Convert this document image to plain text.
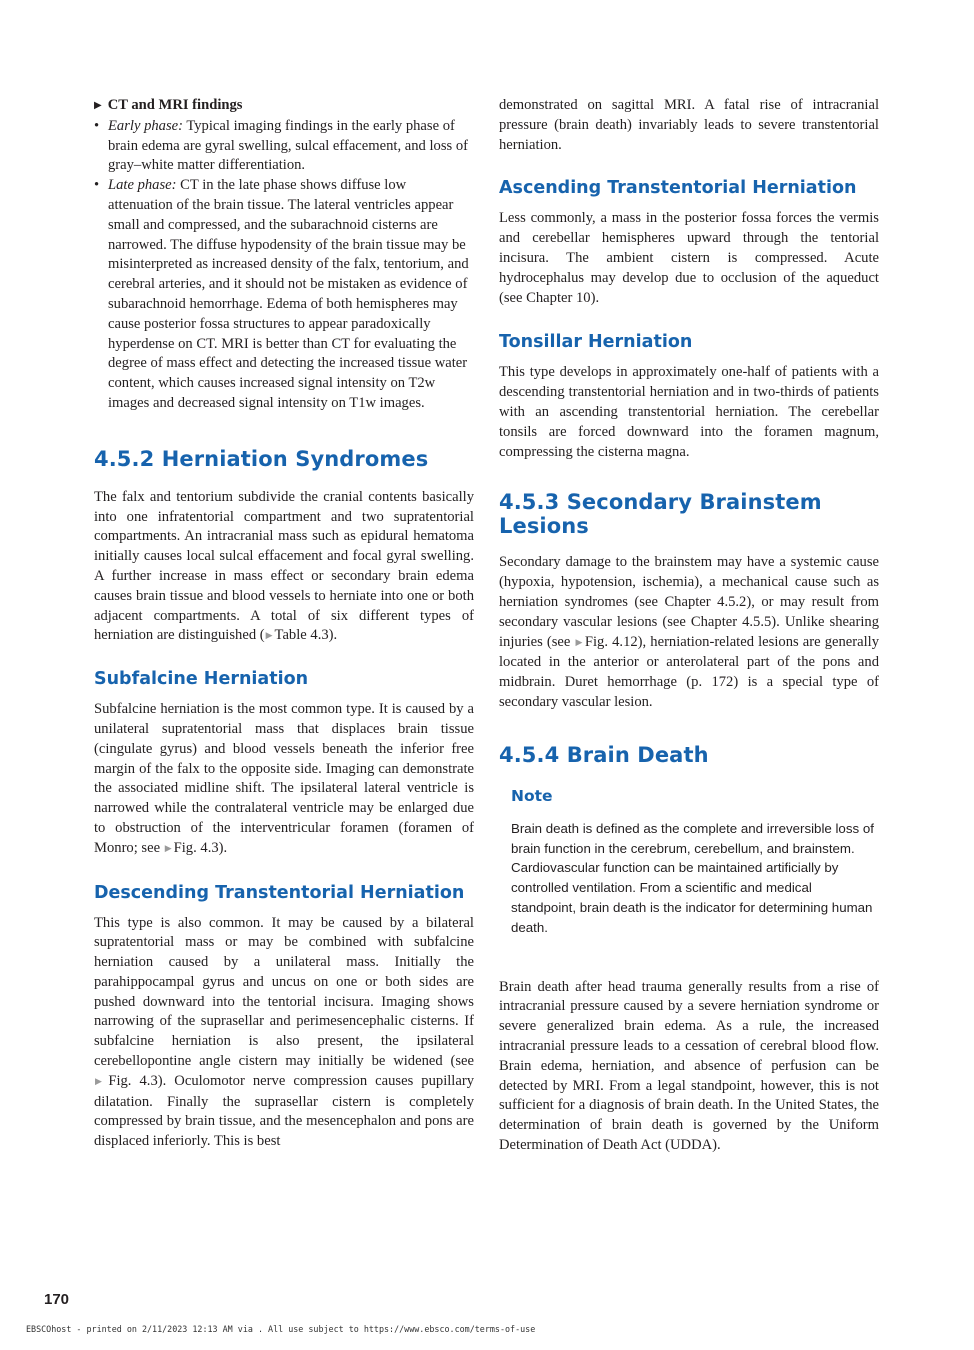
▶ CT and MRI findings

• Early phase: Typical imaging findings in the early phase of brain edema are gyral swelling, sulcal effacement, and loss of gray–white matter differentiation.
• Late phase: CT in the late phase shows diffuse low attenuation of the brain tissue. The lateral ventricles appear small and compressed, and the subarachnoid cisterns are narrowed. The diffuse hypodensity of the brain tissue may be misinterpreted as increased density of the falx, tentorium, and cerebral arteries, and it should not be mistaken as evidence of subarachnoid hemorrhage. Edema of both hemispheres may cause posterior fossa structures to appear paradoxically hyperdense on CT. MRI is better than CT for evaluating the degree of mass effect and detecting the increased tissue water content, which causes increased signal intensity on T2w images and decreased signal intensity on T1w images.
4.5.2 Herniation Syndromes

The falx and tentorium subdivide the cranial contents basically into one infratentorial compartment and two supratentorial compartments. An intracranial mass such as epidural hematoma initially causes local sulcal effacement and focal gyral swelling. A further increase in mass effect or secondary brain edema causes brain tissue and blood vessels to herniate into one or both adjacent compartments. A total of six different types of herniation are distinguished (▶ Table 4.3).

Subfalcine Herniation

Subfalcine herniation is the most common type. It is caused by a unilateral supratentorial mass that displaces brain tissue (cingulate gyrus) and blood vessels beneath the inferior free margin of the falx to the opposite side. Imaging can demonstrate the associated midline shift. The ipsilateral lateral ventricle is narrowed while the contralateral ventricle may be enlarged due to obstruction of the interventricular foramen (foramen of Monro; see ▶ Fig. 4.3).

Descending Transtentorial Herniation

This type is also common. It may be caused by a bilateral supratentorial mass or may be combined with subfalcine herniation caused by a unilateral mass. Initially the parahippocampal gyrus and uncus on one or both sides are pushed downward into the tentorial incisura. Imaging shows narrowing of the suprasellar and perimesencephalic cisterns. If subfalcine herniation is also present, the ipsilateral cerebellopontine angle cistern may initially be widened (see ▶ Fig. 4.3). Oculomotor nerve compression causes pupillary dilatation. Finally the suprasellar cistern is completely compressed by brain tissue, and the mesencephalon and pons are displaced inferiorly. This is best

demonstrated on sagittal MRI. A fatal rise of intracranial pressure (brain death) invariably leads to severe transtentorial herniation.

Ascending Transtentorial Herniation

Less commonly, a mass in the posterior fossa forces the vermis and cerebellar hemispheres upward through the tentorial incisura. The ambient cistern is compressed. Acute hydrocephalus may develop due to occlusion of the aqueduct (see Chapter 10).

Tonsillar Herniation

This type develops in approximately one-half of patients with a descending transtentorial herniation and in two-thirds of patients with an ascending transtentorial herniation. The cerebellar tonsils are forced downward into the foramen magnum, compressing the cisterna magna.

4.5.3 Secondary Brainstem Lesions

Secondary damage to the brainstem may have a systemic cause (hypoxia, hypotension, ischemia), a mechanical cause such as herniation syndromes (see Chapter 4.5.2), or may result from secondary vascular lesions (see Chapter 4.5.5). Unlike shearing injuries (see ▶ Fig. 4.12), herniation-related lesions are generally located in the anterior or anterolateral part of the pons and midbrain. Duret hemorrhage (p. 172) is a special type of secondary vascular lesion.

4.5.4 Brain Death
Note

Brain death is defined as the complete and irreversible loss of brain function in the cerebrum, cerebellum, and brainstem. Cardiovascular function can be maintained artificially by controlled ventilation. From a scientific and medical standpoint, brain death is the indicator for determining human death.

Brain death after head trauma generally results from a rise of intracranial pressure caused by a severe herniation syndrome or severe generalized brain edema. As a rule, the increased intracranial pressure leads to a cessation of cerebral blood flow. Brain edema, herniation, and absence of perfusion can be detected by MRI. From a legal standpoint, however, this is not sufficient for a diagnosis of brain death. In the United States, the determination of brain death is governed by the Uniform Determination of Death Act (UDDA).

170
EBSCOhost - printed on 2/11/2023 12:13 AM via . All use subject to https://www.ebsco.com/terms-of-use
